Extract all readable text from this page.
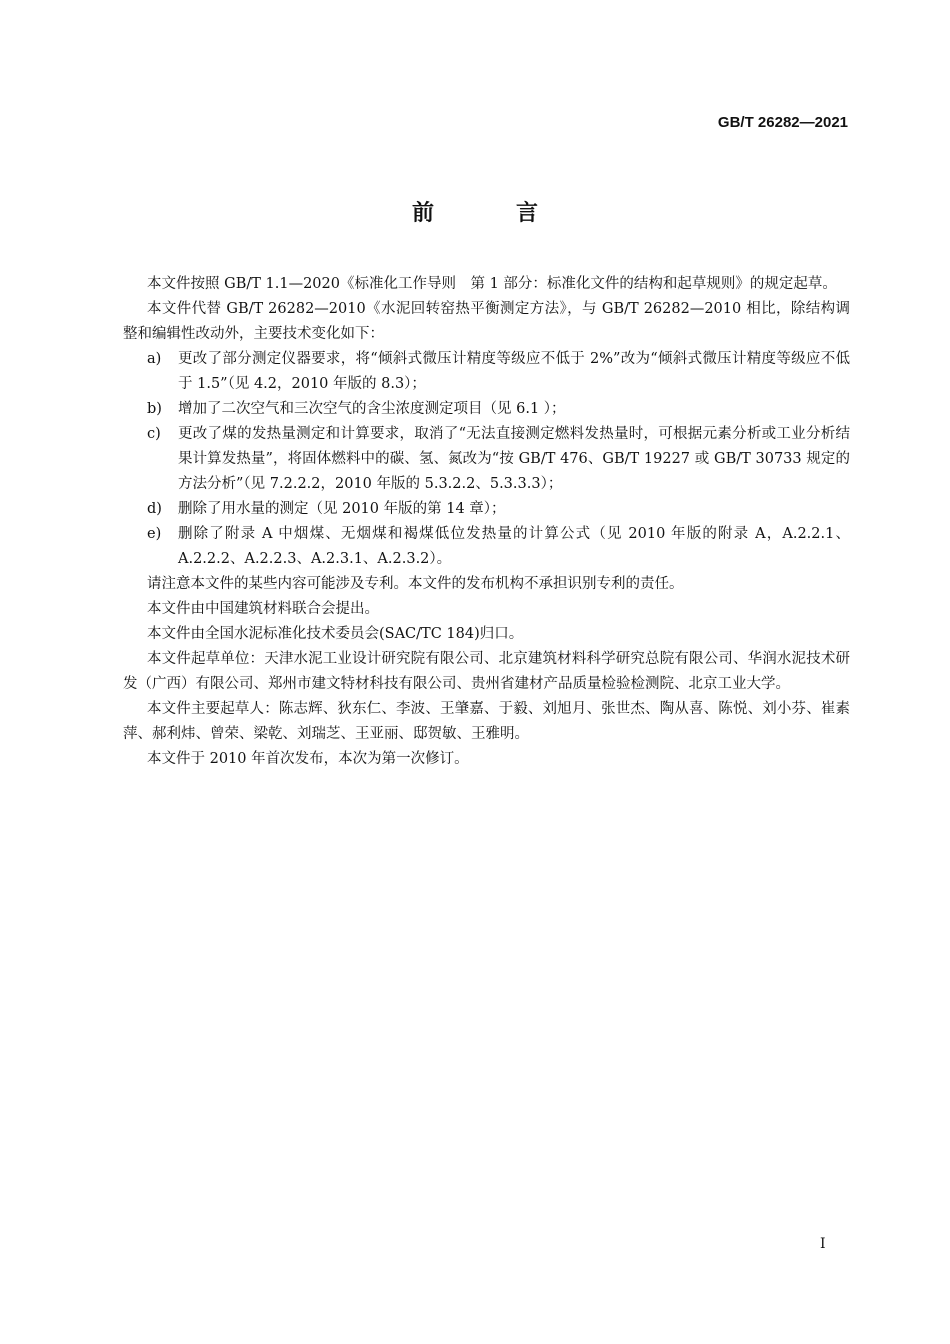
GB/T 26282—2021
前　言

本文件按照 GB/T 1.1—2020《标准化工作导则　第 1 部分：标准化文件的结构和起草规则》的规定起草。

本文件代替 GB/T 26282—2010《水泥回转窑热平衡测定方法》，与 GB/T 26282—2010 相比，除结构调整和编辑性改动外，主要技术变化如下：

a) 更改了部分测定仪器要求，将“倾斜式微压计精度等级应不低于 2%”改为“倾斜式微压计精度等级应不低于 1.5”（见 4.2，2010 年版的 8.3）；
b) 增加了二次空气和三次空气的含尘浓度测定项目（见 6.1 ）；
c) 更改了煤的发热量测定和计算要求，取消了“无法直接测定燃料发热量时，可根据元素分析或工业分析结果计算发热量”，将固体燃料中的碳、氢、氮改为“按 GB/T 476、GB/T 19227 或 GB/T 30733 规定的方法分析”（见 7.2.2.2，2010 年版的 5.3.2.2、5.3.3.3）；
d) 删除了用水量的测定（见 2010 年版的第 14 章）；
e) 删除了附录 A 中烟煤、无烟煤和褐煤低位发热量的计算公式（见 2010 年版的附录 A，A.2.2.1、A.2.2.2、A.2.2.3、A.2.3.1、A.2.3.2）。

请注意本文件的某些内容可能涉及专利。本文件的发布机构不承担识别专利的责任。

本文件由中国建筑材料联合会提出。

本文件由全国水泥标准化技术委员会(SAC/TC 184)归口。

本文件起草单位：天津水泥工业设计研究院有限公司、北京建筑材料科学研究总院有限公司、华润水泥技术研发（广西）有限公司、郑州市建文特材科技有限公司、贵州省建材产品质量检验检测院、北京工业大学。

本文件主要起草人：陈志辉、狄东仁、李波、王肇嘉、于毅、刘旭月、张世杰、陶从喜、陈悦、刘小芬、崔素萍、郝利炜、曾荣、梁乾、刘瑞芝、王亚丽、邸贺敏、王雅明。

本文件于 2010 年首次发布，本次为第一次修订。

I
